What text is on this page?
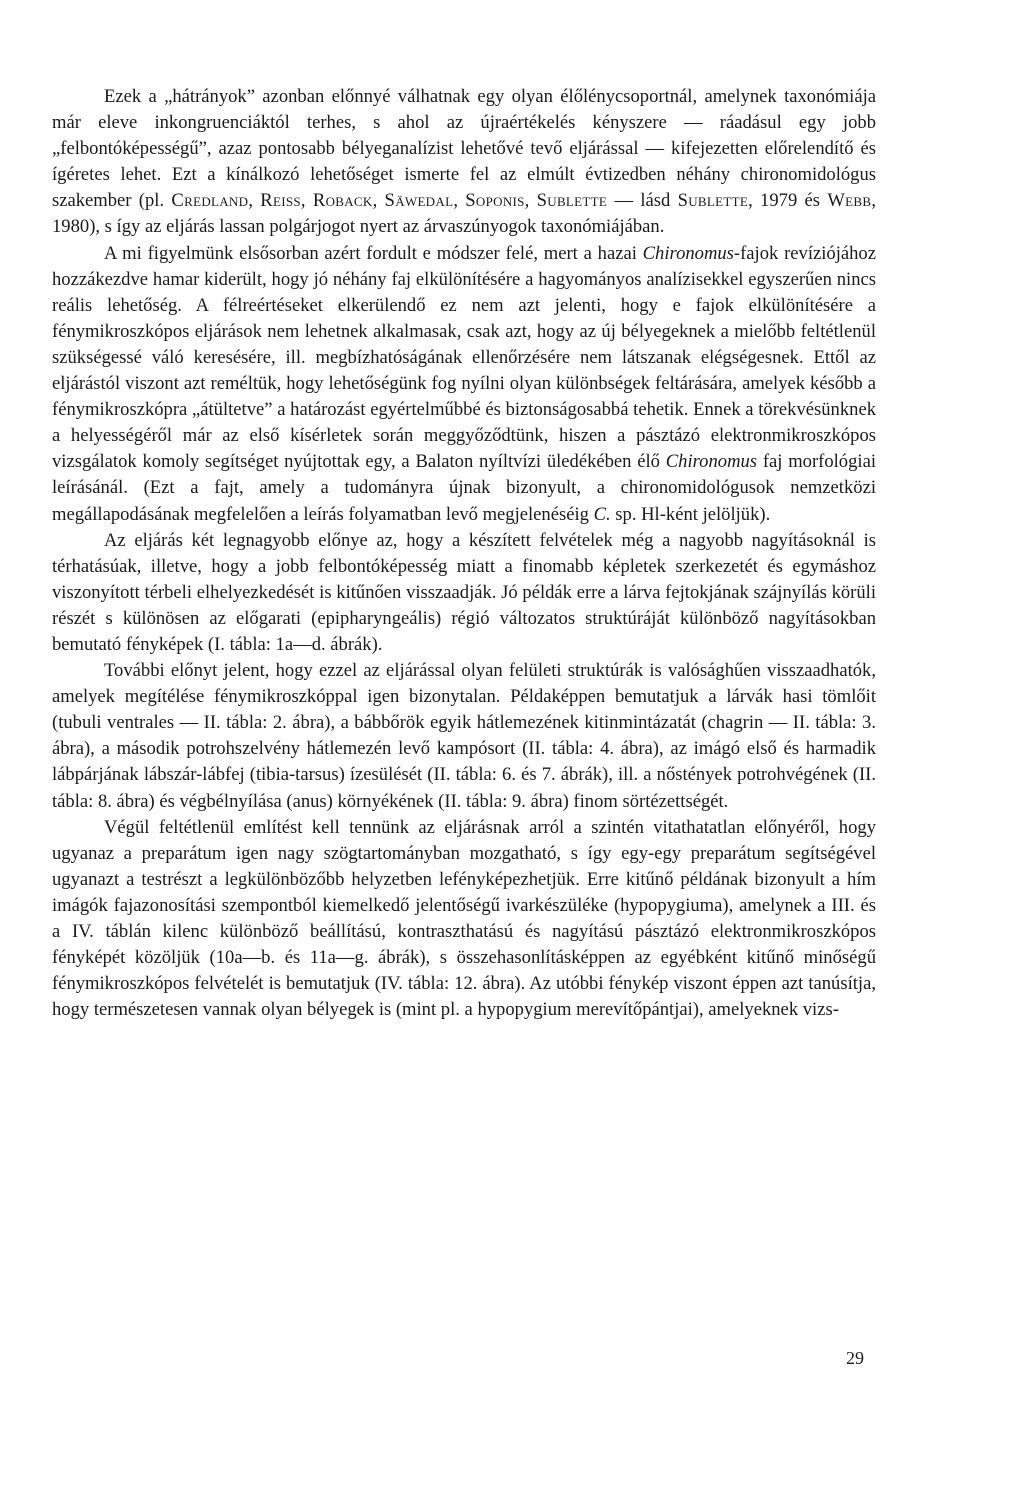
Ezek a „hátrányok” azonban előnnyé válhatnak egy olyan élőlénycsoportnál, amelynek taxonómiája már eleve inkongruenciáktól terhes, s ahol az újraértékelés kényszere — ráadásul egy jobb „felbontóképességű”, azaz pontosabb bélyeganalízist lehetővé tevő eljárással — kifejezetten előrelendítő és ígéretes lehet. Ezt a kínálkozó lehetőséget ismerte fel az elmúlt évtizedben néhány chironomidológus szakember (pl. Credland, Reiss, Roback, Säwedal, Soponis, Sublette — lásd Sublette, 1979 és Webb, 1980), s így az eljárás lassan polgárjogot nyert az árvaszúnyogok taxonómiájában.

A mi figyelmünk elsősorban azért fordult e módszer felé, mert a hazai Chironomus-fajok revíziójához hozzákezdve hamar kiderült, hogy jó néhány faj elkülönítésére a hagyományos analízisekkel egyszerűen nincs reális lehetőség. A félreértéseket elkerülendő ez nem azt jelenti, hogy e fajok elkülönítésére a fénymikroszkópos eljárások nem lehetnek alkalmasak, csak azt, hogy az új bélyegeknek a mielőbb feltétlenül szükségessé váló keresésére, ill. megbízhatóságának ellenőrzésére nem látszanak elégségesnek. Ettől az eljárástól viszont azt reméltük, hogy lehetőségünk fog nyílni olyan különbségek feltárására, amelyek később a fénymikroszkópra „átültetve” a határozást egyértelműbbé és biztonságosabbá tehetik. Ennek a törekvésünknek a helyességéről már az első kísérletek során meggyőződtünk, hiszen a pásztázó elektronmikroszkópos vizsgálatok komoly segítséget nyújtottak egy, a Balaton nyíltvízi üledékében élő Chironomus faj morfológiai leírásánál. (Ezt a fajt, amely a tudományra újnak bizonyult, a chironomidológusok nemzetközi megállapodásának megfelelően a leírás folyamatban levő megjelenéséig C. sp. Hl-ként jelöljük).

Az eljárás két legnagyobb előnye az, hogy a készített felvételek még a nagyobb nagyításoknál is térhatásúak, illetve, hogy a jobb felbontóképesség miatt a finomabb képletek szerkezetét és egymáshoz viszonyított térbeli elhelyezkedését is kitűnően visszaadják. Jó példák erre a lárva fejtokjának szájnyílás körüli részét s különösen az előgarati (epipharyngeális) régió változatos struktúráját különböző nagyításokban bemutató fényképek (I. tábla: 1a—d. ábrák).

További előnyt jelent, hogy ezzel az eljárással olyan felületi struktúrák is valósághűen visszaadhatók, amelyek megítélése fénymikroszkóppal igen bizonytalan. Példaképpen bemutatjuk a lárvák hasi tömlőit (tubuli ventrales — II. tábla: 2. ábra), a bábbőrök egyik hátlemezének kitinmintázatát (chagrin — II. tábla: 3. ábra), a második potrohszelvény hátlemezén levő kampósort (II. tábla: 4. ábra), az imágó első és harmadik lábpárjának lábszár-lábfej (tibia-tarsus) ízesülését (II. tábla: 6. és 7. ábrák), ill. a nőstények potrohvégének (II. tábla: 8. ábra) és végbélnyílása (anus) környékének (II. tábla: 9. ábra) finom sörtézettségét.

Végül feltétlenül említést kell tennünk az eljárásnak arról a szintén vitathatatlan előnyéről, hogy ugyanaz a preparátum igen nagy szögtartományban mozgatható, s így egy-egy preparátum segítségével ugyanazt a testrészt a legkülönbözőbb helyzetben lefényképezhetjük. Erre kitűnő példának bizonyult a hím imágók fajazonosítási szempontból kiemelkedő jelentőségű ivarkészüléke (hypopygiuma), amelynek a III. és a IV. táblán kilenc különböző beállítású, kontraszthatású és nagyítású pásztázó elektronmikroszkópos fényképét közöljük (10a—b. és 11a—g. ábrák), s összehasonlításképpen az egyébként kitűnő minőségű fénymikroszkópos felvételét is bemutatjuk (IV. tábla: 12. ábra). Az utóbbi fénykép viszont éppen azt tanúsítja, hogy természetesen vannak olyan bélyegek is (mint pl. a hypopygium merevítőpántjai), amelyeknek vizs-

29
